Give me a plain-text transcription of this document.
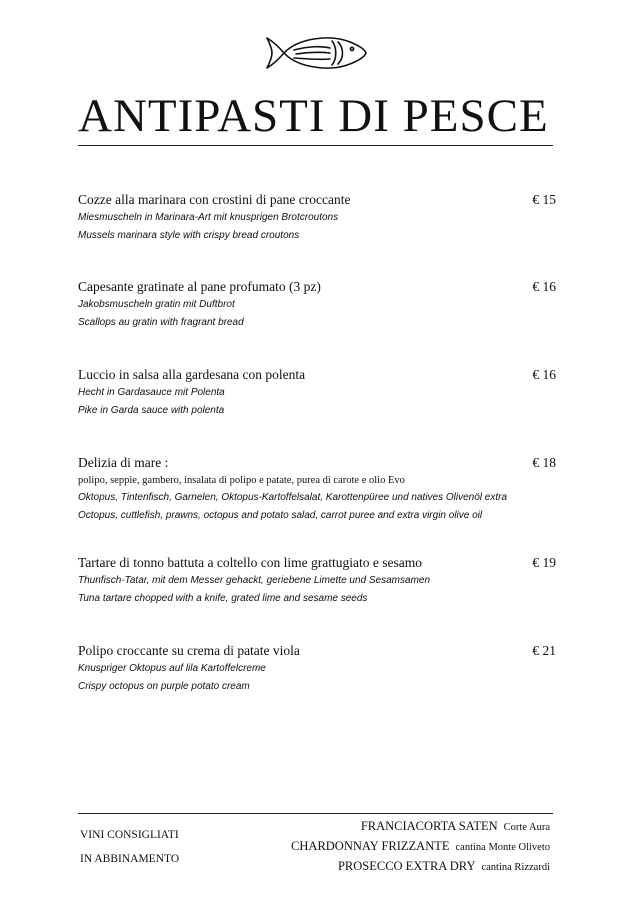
ANTIPASTI DI PESCE
Cozze alla marinara con crostini di pane croccante	€ 15
Miesmuscheln in Marinara-Art mit knusprigen Brotcroutons
Mussels marinara style with crispy bread croutons
Capesante gratinate al pane profumato (3 pz)	€ 16
Jakobsmuscheln gratin mit Duftbrot
Scallops au gratin with fragrant bread
Luccio in salsa alla gardesana con polenta	€ 16
Hecht in Gardasauce mit Polenta
Pike in Garda sauce with polenta
Delizia di mare :	€ 18
polipo, seppie, gambero, insalata di polipo e patate, purea di carote e olio Evo
Oktopus, Tintenfisch, Garnelen, Oktopus-Kartoffelsalat, Karottenpüree und natives Olivenöl extra
Octopus, cuttlefish, prawns, octopus and potato salad, carrot puree and extra virgin olive oil
Tartare di tonno battuta a coltello con lime grattugiato e sesamo	€ 19
Thunfisch-Tatar, mit dem Messer gehackt, geriebene Limette und Sesamsamen
Tuna tartare chopped with a knife, grated lime and sesame seeds
Polipo croccante su crema di patate viola	€ 21
Knuspriger Oktopus auf lila Kartoffelcreme
Crispy octopus on purple potato cream
VINI CONSIGLIATI
IN ABBINAMENTO
FRANCIACORTA SATEN Corte Aura
CHARDONNAY FRIZZANTE cantina Monte Oliveto
PROSECCO EXTRA DRY cantina Rizzardi
